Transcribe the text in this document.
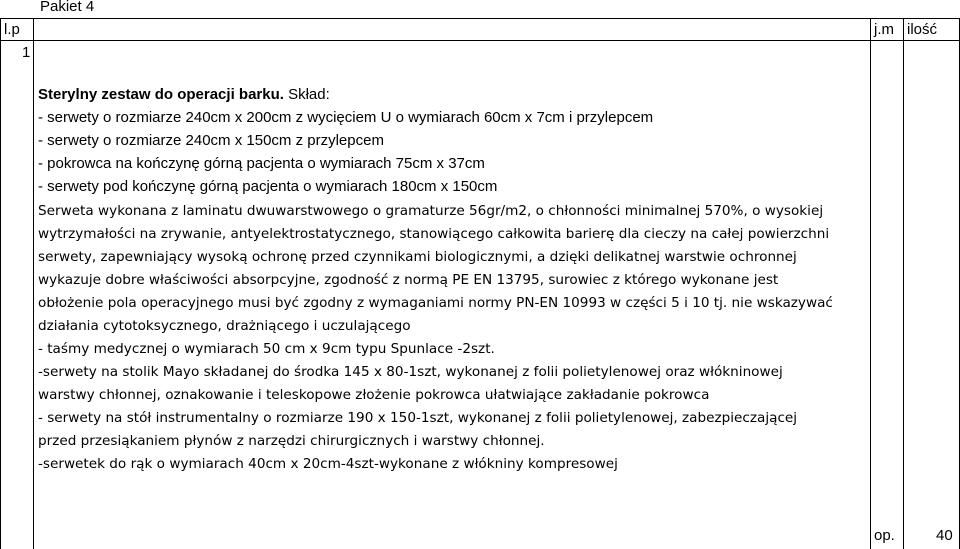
Pakiet 4
l.p	j.m ilość
1
Sterylny zestaw do operacji barku. Skład:
- serwety o rozmiarze 240cm x 200cm z wycięciem U o wymiarach 60cm x 7cm i przylepcem
- serwety o rozmiarze 240cm x 150cm z przylepcem
- pokrowca na kończynę górną pacjenta o wymiarach 75cm x 37cm
- serwety pod kończynę górną pacjenta o wymiarach 180cm x 150cm
Serweta wykonana z laminatu dwuwarstwowego o gramaturze 56gr/m2, o chłonności minimalnej 570%, o wysokiej
wytrzymałości na zrywanie, antyelektrostatycznego, stanowiącego całkowita barierę dla cieczy na całej powierzchni
serwety, zapewniający wysoką ochronę przed czynnikami biologicznymi, a dzięki delikatnej warstwie ochronnej
wykazuje dobre właściwości absorpcyjne, zgodność z normą PE EN 13795, surowiec z którego wykonane jest
obłożenie pola operacyjnego musi być zgodny z wymaganiami normy PN-EN 10993 w części 5 i 10 tj. nie wskazywać
działania cytotoksycznego, drażniącego i uczulającego
- taśmy medycznej o wymiarach 50 cm x 9cm typu Spunlace -2szt.
-serwety na stolik Mayo składanej do środka 145 x 80-1szt, wykonanej z folii polietylenowej oraz włókninowej
warstwy chłonnej, oznakowanie i teleskopowe złożenie pokrowca ułatwiające zakładanie pokrowca
- serwety na stół instrumentalny o rozmiarze 190 x 150-1szt, wykonanej z folii polietylenowej, zabezpieczającej
przed przesiąkaniem płynów z narzędzi chirurgicznych i warstwy chłonnej.
-serwetek do rąk o wymiarach 40cm x 20cm-4szt-wykonane z włókniny kompresowej
op.	40
